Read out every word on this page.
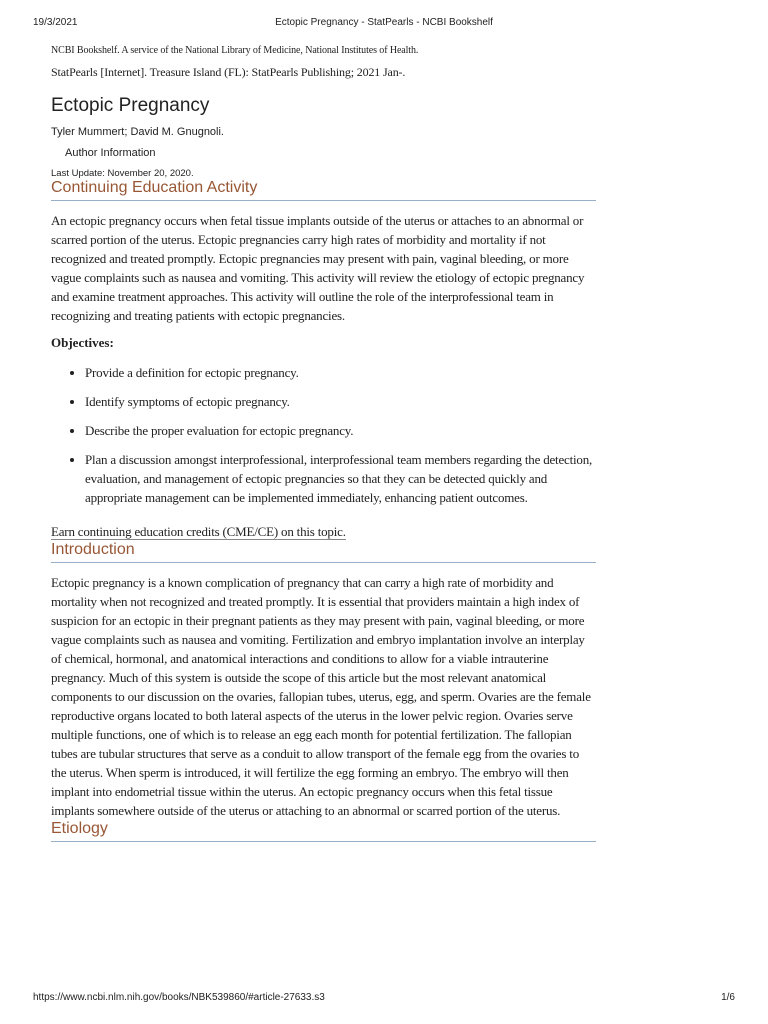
19/3/2021	Ectopic Pregnancy - StatPearls - NCBI Bookshelf

NCBI Bookshelf. A service of the National Library of Medicine, National Institutes of Health.

StatPearls [Internet]. Treasure Island (FL): StatPearls Publishing; 2021 Jan-.

Ectopic Pregnancy

Tyler Mummert; David M. Gnugnoli.

Author Information

Last Update: November 20, 2020.

Continuing Education Activity

An ectopic pregnancy occurs when fetal tissue implants outside of the uterus or attaches to an abnormal or scarred portion of the uterus. Ectopic pregnancies carry high rates of morbidity and mortality if not recognized and treated promptly. Ectopic pregnancies may present with pain, vaginal bleeding, or more vague complaints such as nausea and vomiting. This activity will review the etiology of ectopic pregnancy and examine treatment approaches. This activity will outline the role of the interprofessional team in recognizing and treating patients with ectopic pregnancies.

Objectives:

• Provide a definition for ectopic pregnancy.
• Identify symptoms of ectopic pregnancy.
• Describe the proper evaluation for ectopic pregnancy.
• Plan a discussion amongst interprofessional, interprofessional team members regarding the detection, evaluation, and management of ectopic pregnancies so that they can be detected quickly and appropriate management can be implemented immediately, enhancing patient outcomes.

Earn continuing education credits (CME/CE) on this topic.

Introduction

Ectopic pregnancy is a known complication of pregnancy that can carry a high rate of morbidity and mortality when not recognized and treated promptly. It is essential that providers maintain a high index of suspicion for an ectopic in their pregnant patients as they may present with pain, vaginal bleeding, or more vague complaints such as nausea and vomiting. Fertilization and embryo implantation involve an interplay of chemical, hormonal, and anatomical interactions and conditions to allow for a viable intrauterine pregnancy. Much of this system is outside the scope of this article but the most relevant anatomical components to our discussion on the ovaries, fallopian tubes, uterus, egg, and sperm. Ovaries are the female reproductive organs located to both lateral aspects of the uterus in the lower pelvic region. Ovaries serve multiple functions, one of which is to release an egg each month for potential fertilization. The fallopian tubes are tubular structures that serve as a conduit to allow transport of the female egg from the ovaries to the uterus. When sperm is introduced, it will fertilize the egg forming an embryo. The embryo will then implant into endometrial tissue within the uterus. An ectopic pregnancy occurs when this fetal tissue implants somewhere outside of the uterus or attaching to an abnormal or scarred portion of the uterus.

Etiology
https://www.ncbi.nlm.nih.gov/books/NBK539860/#article-27633.s3	1/6
